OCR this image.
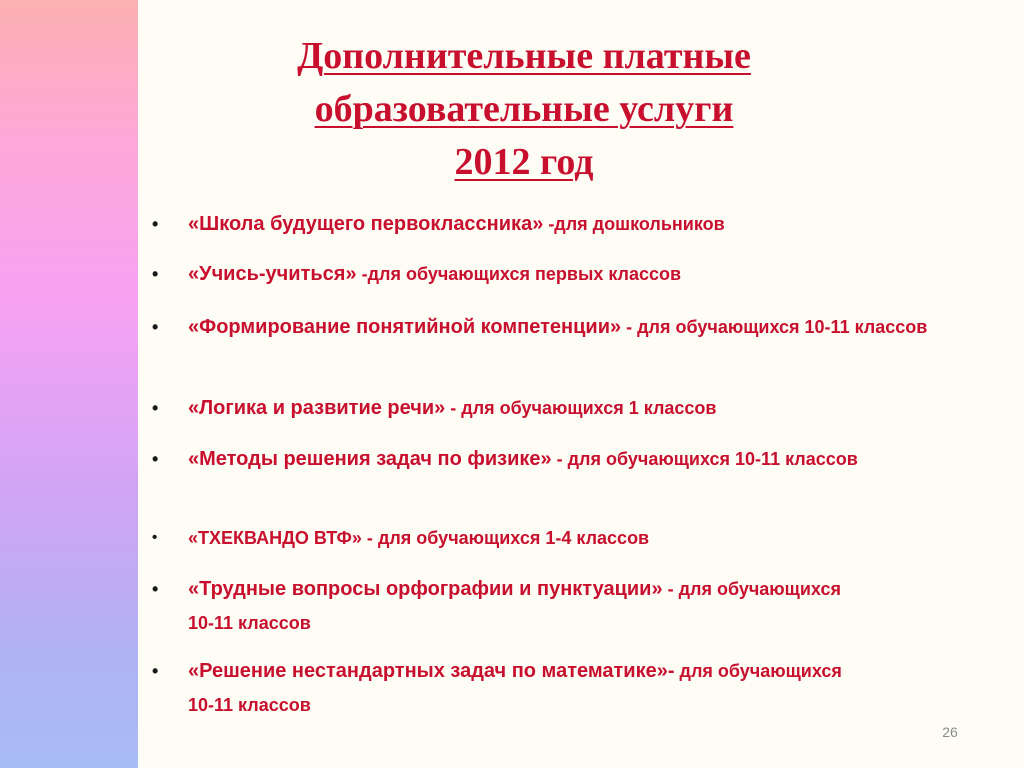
Дополнительные платные
образовательные услуги
2012 год
• «Школа будущего первоклассника» -для дошкольников
• «Учись-учиться» -для обучающихся первых классов
• «Формирование понятийной компетенции» - для обучающихся 10-11 классов
• «Логика и развитие речи» - для обучающихся 1 классов
• «Методы решения задач по физике» - для обучающихся 10-11 классов
• «ТХЕКВАНДО ВТФ» - для обучающихся 1-4 классов
• «Трудные вопросы орфографии и пунктуации» - для обучающихся 10-11 классов
• «Решение нестандартных задач по математике»- для обучающихся 10-11 классов
26
